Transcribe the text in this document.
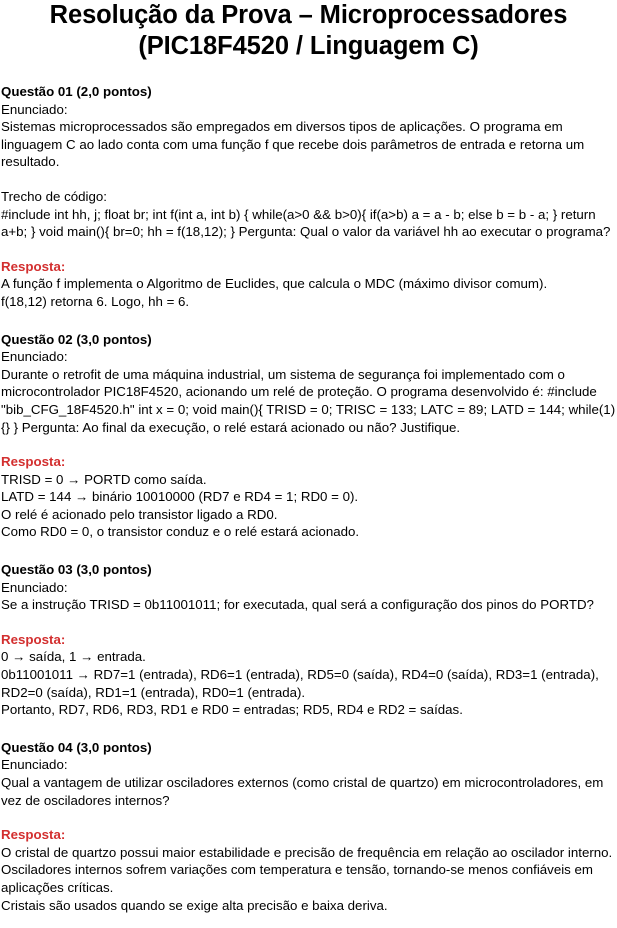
Resolução da Prova – Microprocessadores
(PIC18F4520 / Linguagem C)
Questão 01 (2,0 pontos)
Enunciado:
Sistemas microprocessados são empregados em diversos tipos de aplicações. O programa em linguagem C ao lado conta com uma função f que recebe dois parâmetros de entrada e retorna um resultado.
Trecho de código:
#include int hh, j; float br; int f(int a, int b) { while(a>0 && b>0){ if(a>b) a = a - b; else b = b - a; } return a+b; } void main(){ br=0; hh = f(18,12); } Pergunta: Qual o valor da variável hh ao executar o programa?
Resposta:
A função f implementa o Algoritmo de Euclides, que calcula o MDC (máximo divisor comum).
f(18,12) retorna 6. Logo, hh = 6.
Questão 02 (3,0 pontos)
Enunciado:
Durante o retrofit de uma máquina industrial, um sistema de segurança foi implementado com o microcontrolador PIC18F4520, acionando um relé de proteção. O programa desenvolvido é: #include "bib_CFG_18F4520.h" int x = 0; void main(){ TRISD = 0; TRISC = 133; LATC = 89; LATD = 144; while(1){} } Pergunta: Ao final da execução, o relé estará acionado ou não? Justifique.
Resposta:
TRISD = 0 → PORTD como saída.
LATD = 144 → binário 10010000 (RD7 e RD4 = 1; RD0 = 0).
O relé é acionado pelo transistor ligado a RD0.
Como RD0 = 0, o transistor conduz e o relé estará acionado.
Questão 03 (3,0 pontos)
Enunciado:
Se a instrução TRISD = 0b11001011; for executada, qual será a configuração dos pinos do PORTD?
Resposta:
0 → saída, 1 → entrada.
0b11001011 → RD7=1 (entrada), RD6=1 (entrada), RD5=0 (saída), RD4=0 (saída), RD3=1 (entrada), RD2=0 (saída), RD1=1 (entrada), RD0=1 (entrada).
Portanto, RD7, RD6, RD3, RD1 e RD0 = entradas; RD5, RD4 e RD2 = saídas.
Questão 04 (3,0 pontos)
Enunciado:
Qual a vantagem de utilizar osciladores externos (como cristal de quartzo) em microcontroladores, em vez de osciladores internos?
Resposta:
O cristal de quartzo possui maior estabilidade e precisão de frequência em relação ao oscilador interno.
Osciladores internos sofrem variações com temperatura e tensão, tornando-se menos confiáveis em aplicações críticas.
Cristais são usados quando se exige alta precisão e baixa deriva.
